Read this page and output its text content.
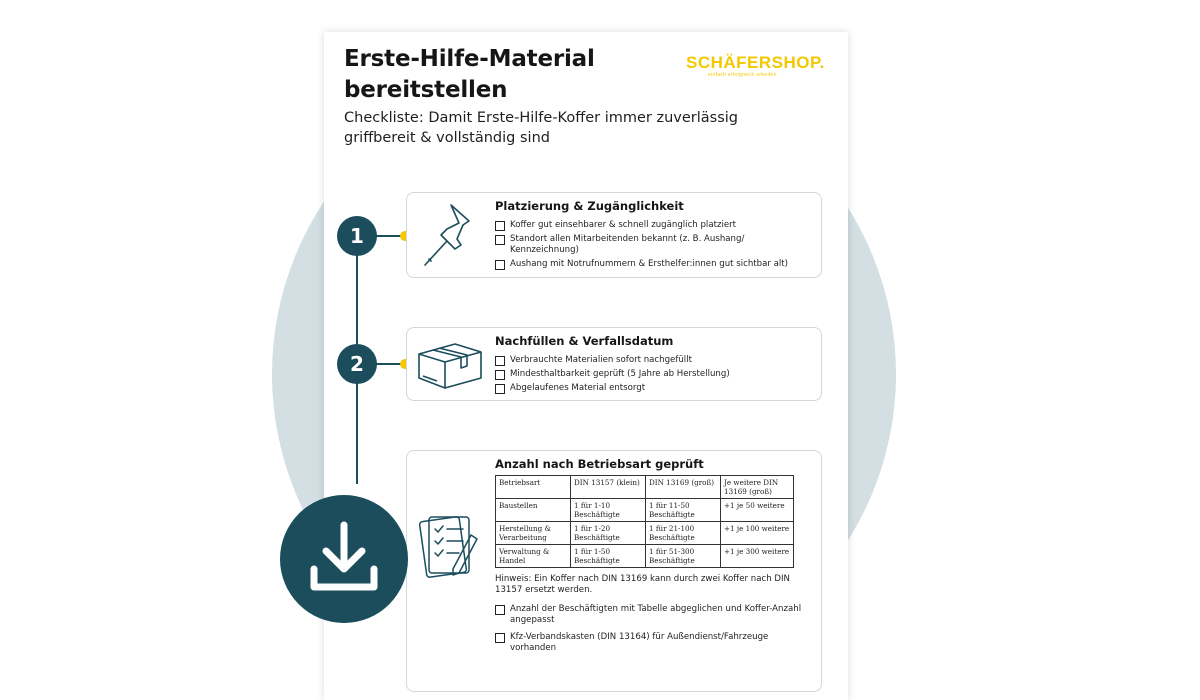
Erste-Hilfe-Material bereitstellen

Checkliste: Damit Erste-Hilfe-Koffer immer zuverlässig griffbereit & vollständig sind

SCHÄFERSHOP.
einfach erfolgreich arbeiten
1

Platzierung & Zugänglichkeit

Koffer gut einsehbarer & schnell zugänglich platziert
Standort allen Mitarbeitenden bekannt (z. B. Aushang/ Kennzeichnung)
Aushang mit Notrufnummern & Ersthelfer:innen gut sichtbar alt)
2

Nachfüllen & Verfallsdatum

Verbrauchte Materialien sofort nachgefüllt
Mindesthaltbarkeit geprüft (5 Jahre ab Herstellung)
Abgelaufenes Material entsorgt

Anzahl nach Betriebsart geprüft

Betriebsart	DIN 13157 (klein)	DIN 13169 (groß)	Je weitere DIN 13169 (groß)
Baustellen	1 für 1-10 Beschäftigte	1 für 11-50 Beschäftigte	+1 je 50 weitere
Herstellung & Verarbeitung	1 für 1-20 Beschäftigte	1 für 21-100 Beschäftigte	+1 je 100 weitere
Verwaltung & Handel	1 für 1-50 Beschäftigte	1 für 51-300 Beschäftigte	+1 je 300 weitere

Hinweis: Ein Koffer nach DIN 13169 kann durch zwei Koffer nach DIN 13157 ersetzt werden.

Anzahl der Beschäftigten mit Tabelle abgeglichen und Koffer-Anzahl angepasst
Kfz-Verbandskasten (DIN 13164) für Außendienst/Fahrzeuge vorhanden
